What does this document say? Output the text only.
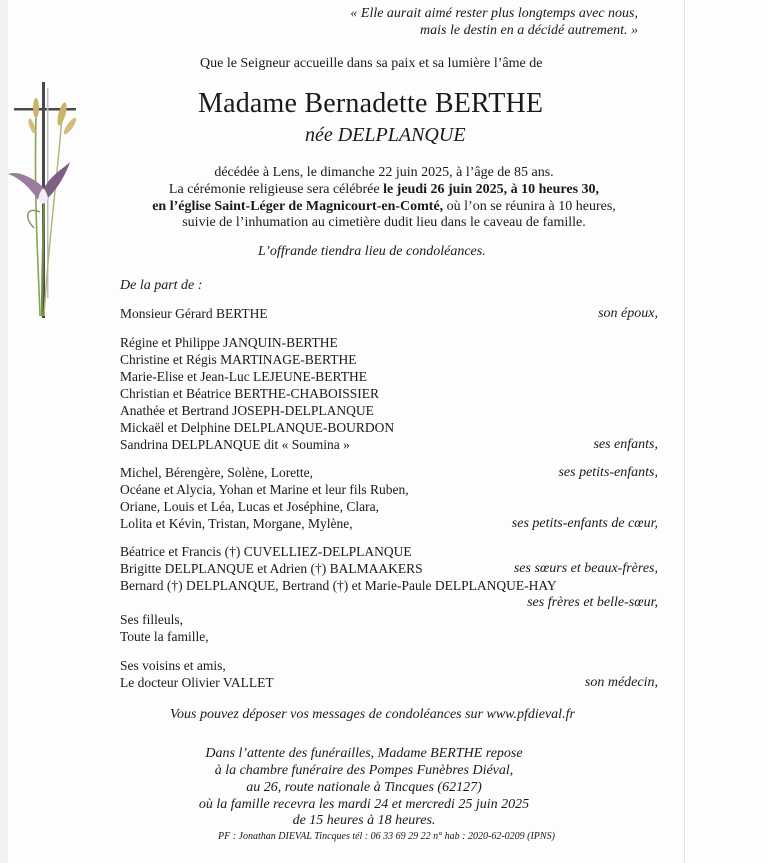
« Elle aurait aimé rester plus longtemps avec nous,
mais le destin en a décidé autrement. »
Que le Seigneur accueille dans sa paix et sa lumière l’âme de
Madame Bernadette BERTHE
née DELPLANQUE
décédée à Lens, le dimanche 22 juin 2025, à l’âge de 85 ans.
La cérémonie religieuse sera célébrée le jeudi 26 juin 2025, à 10 heures 30,
en l’église Saint-Léger de Magnicourt-en-Comté, où l’on se réunira à 10 heures,
suivie de l’inhumation au cimetière dudit lieu dans le caveau de famille.
L’offrande tiendra lieu de condoléances.
De la part de :
Monsieur Gérard BERTHE	son époux,
Régine et Philippe JANQUIN-BERTHE
Christine et Régis MARTINAGE-BERTHE
Marie-Elise et Jean-Luc LEJEUNE-BERTHE
Christian et Béatrice BERTHE-CHABOISSIER
Anathée et Bertrand JOSEPH-DELPLANQUE
Mickaël et Delphine DELPLANQUE-BOURDON
Sandrina DELPLANQUE dit « Soumina »	ses enfants,
Michel, Bérengère, Solène, Lorette,	ses petits-enfants,
Océane et Alycia, Yohan et Marine et leur fils Ruben,
Oriane, Louis et Léa, Lucas et Joséphine, Clara,
Lolita et Kévin, Tristan, Morgane, Mylène,	ses petits-enfants de cœur,
Béatrice et Francis (†) CUVELLIEZ-DELPLANQUE
Brigitte DELPLANQUE et Adrien (†) BALMAAKERS	ses sœurs et beaux-frères,
Bernard (†) DELPLANQUE, Bertrand (†) et Marie-Paule DELPLANQUE-HAY
ses frères et belle-sœur,
Ses filleuls,
Toute la famille,
Ses voisins et amis,
Le docteur Olivier VALLET	son médecin,
Vous pouvez déposer vos messages de condoléances sur www.pfdieval.fr
Dans l’attente des funérailles, Madame BERTHE repose
à la chambre funéraire des Pompes Funèbres Diéval,
au 26, route nationale à Tincques (62127)
où la famille recevra les mardi 24 et mercredi 25 juin 2025
de 15 heures à 18 heures.
PF : Jonathan DIEVAL Tincques tél : 06 33 69 29 22 n° hab : 2020-62-0209 (IPNS)
